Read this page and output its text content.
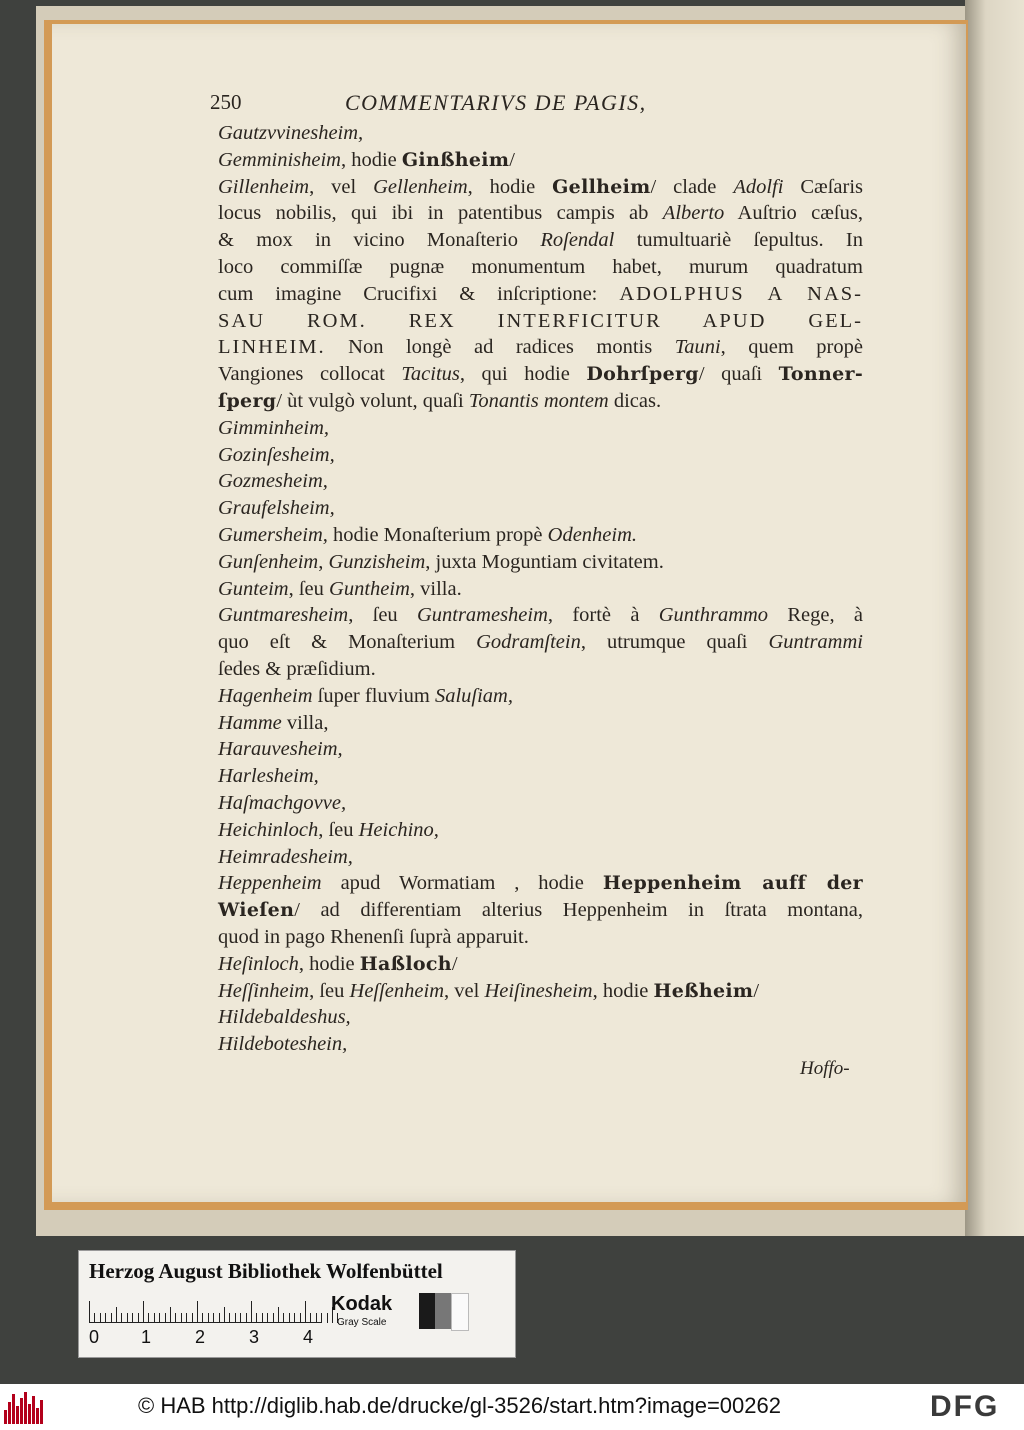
250	COMMENTARIVS DE PAGIS,
Gautzvvinesheim,
Gemminisheim, hodie Ginßheim/
Gillenheim, vel Gellenheim, hodie Gellheim/ clade Adolfi Cæſaris
locus nobilis, qui ibi in patentibus campis ab Alberto Auſtrio cæſus,
& mox in vicino Monaſterio Roſendal tumultuariè ſepultus. In
loco commiſſæ pugnæ monumentum habet, murum quadratum
cum imagine Crucifixi & inſcriptione: ADOLPHUS A NAS-
SAU ROM. REX INTERFICITUR APUD GEL-
LINHEIM. Non longè ad radices montis Tauni, quem propè
Vangiones collocat Tacitus, qui hodie Dohrſperg/ quaſi Tonner-
ſperg/ ùt vulgò volunt, quaſi Tonantis montem dicas.
Gimminheim,
Gozinſesheim,
Gozmesheim,
Graufelsheim,
Gumersheim, hodie Monaſterium propè Odenheim.
Gunſenheim, Gunzisheim, juxta Moguntiam civitatem.
Gunteim, ſeu Guntheim, villa.
Guntmaresheim, ſeu Guntramesheim, fortè à Gunthrammo Rege, à
quo eſt & Monaſterium Godramſtein, utrumque quaſi Guntrammi
ſedes & præſidium.
Hagenheim ſuper fluvium Saluſiam,
Hamme villa,
Harauvesheim,
Harlesheim,
Haſmachgovve,
Heichinloch, ſeu Heichino,
Heimradesheim,
Heppenheim apud Wormatiam , hodie Heppenheim auff der
Wieſen/ ad differentiam alterius Heppenheim in ſtrata montana,
quod in pago Rhenenſi ſuprà apparuit.
Heſinloch, hodie Haßloch/
Heſſinheim, ſeu Heſſenheim, vel Heiſinesheim, hodie Heßheim/
Hildebaldeshus,
Hildeboteshein,
Hoffo-
Herzog August Bibliothek Wolfenbüttel
0 1 2 3 4
Kodak
Gray Scale
© HAB http://diglib.hab.de/drucke/gl-3526/start.htm?image=00262	DFG
